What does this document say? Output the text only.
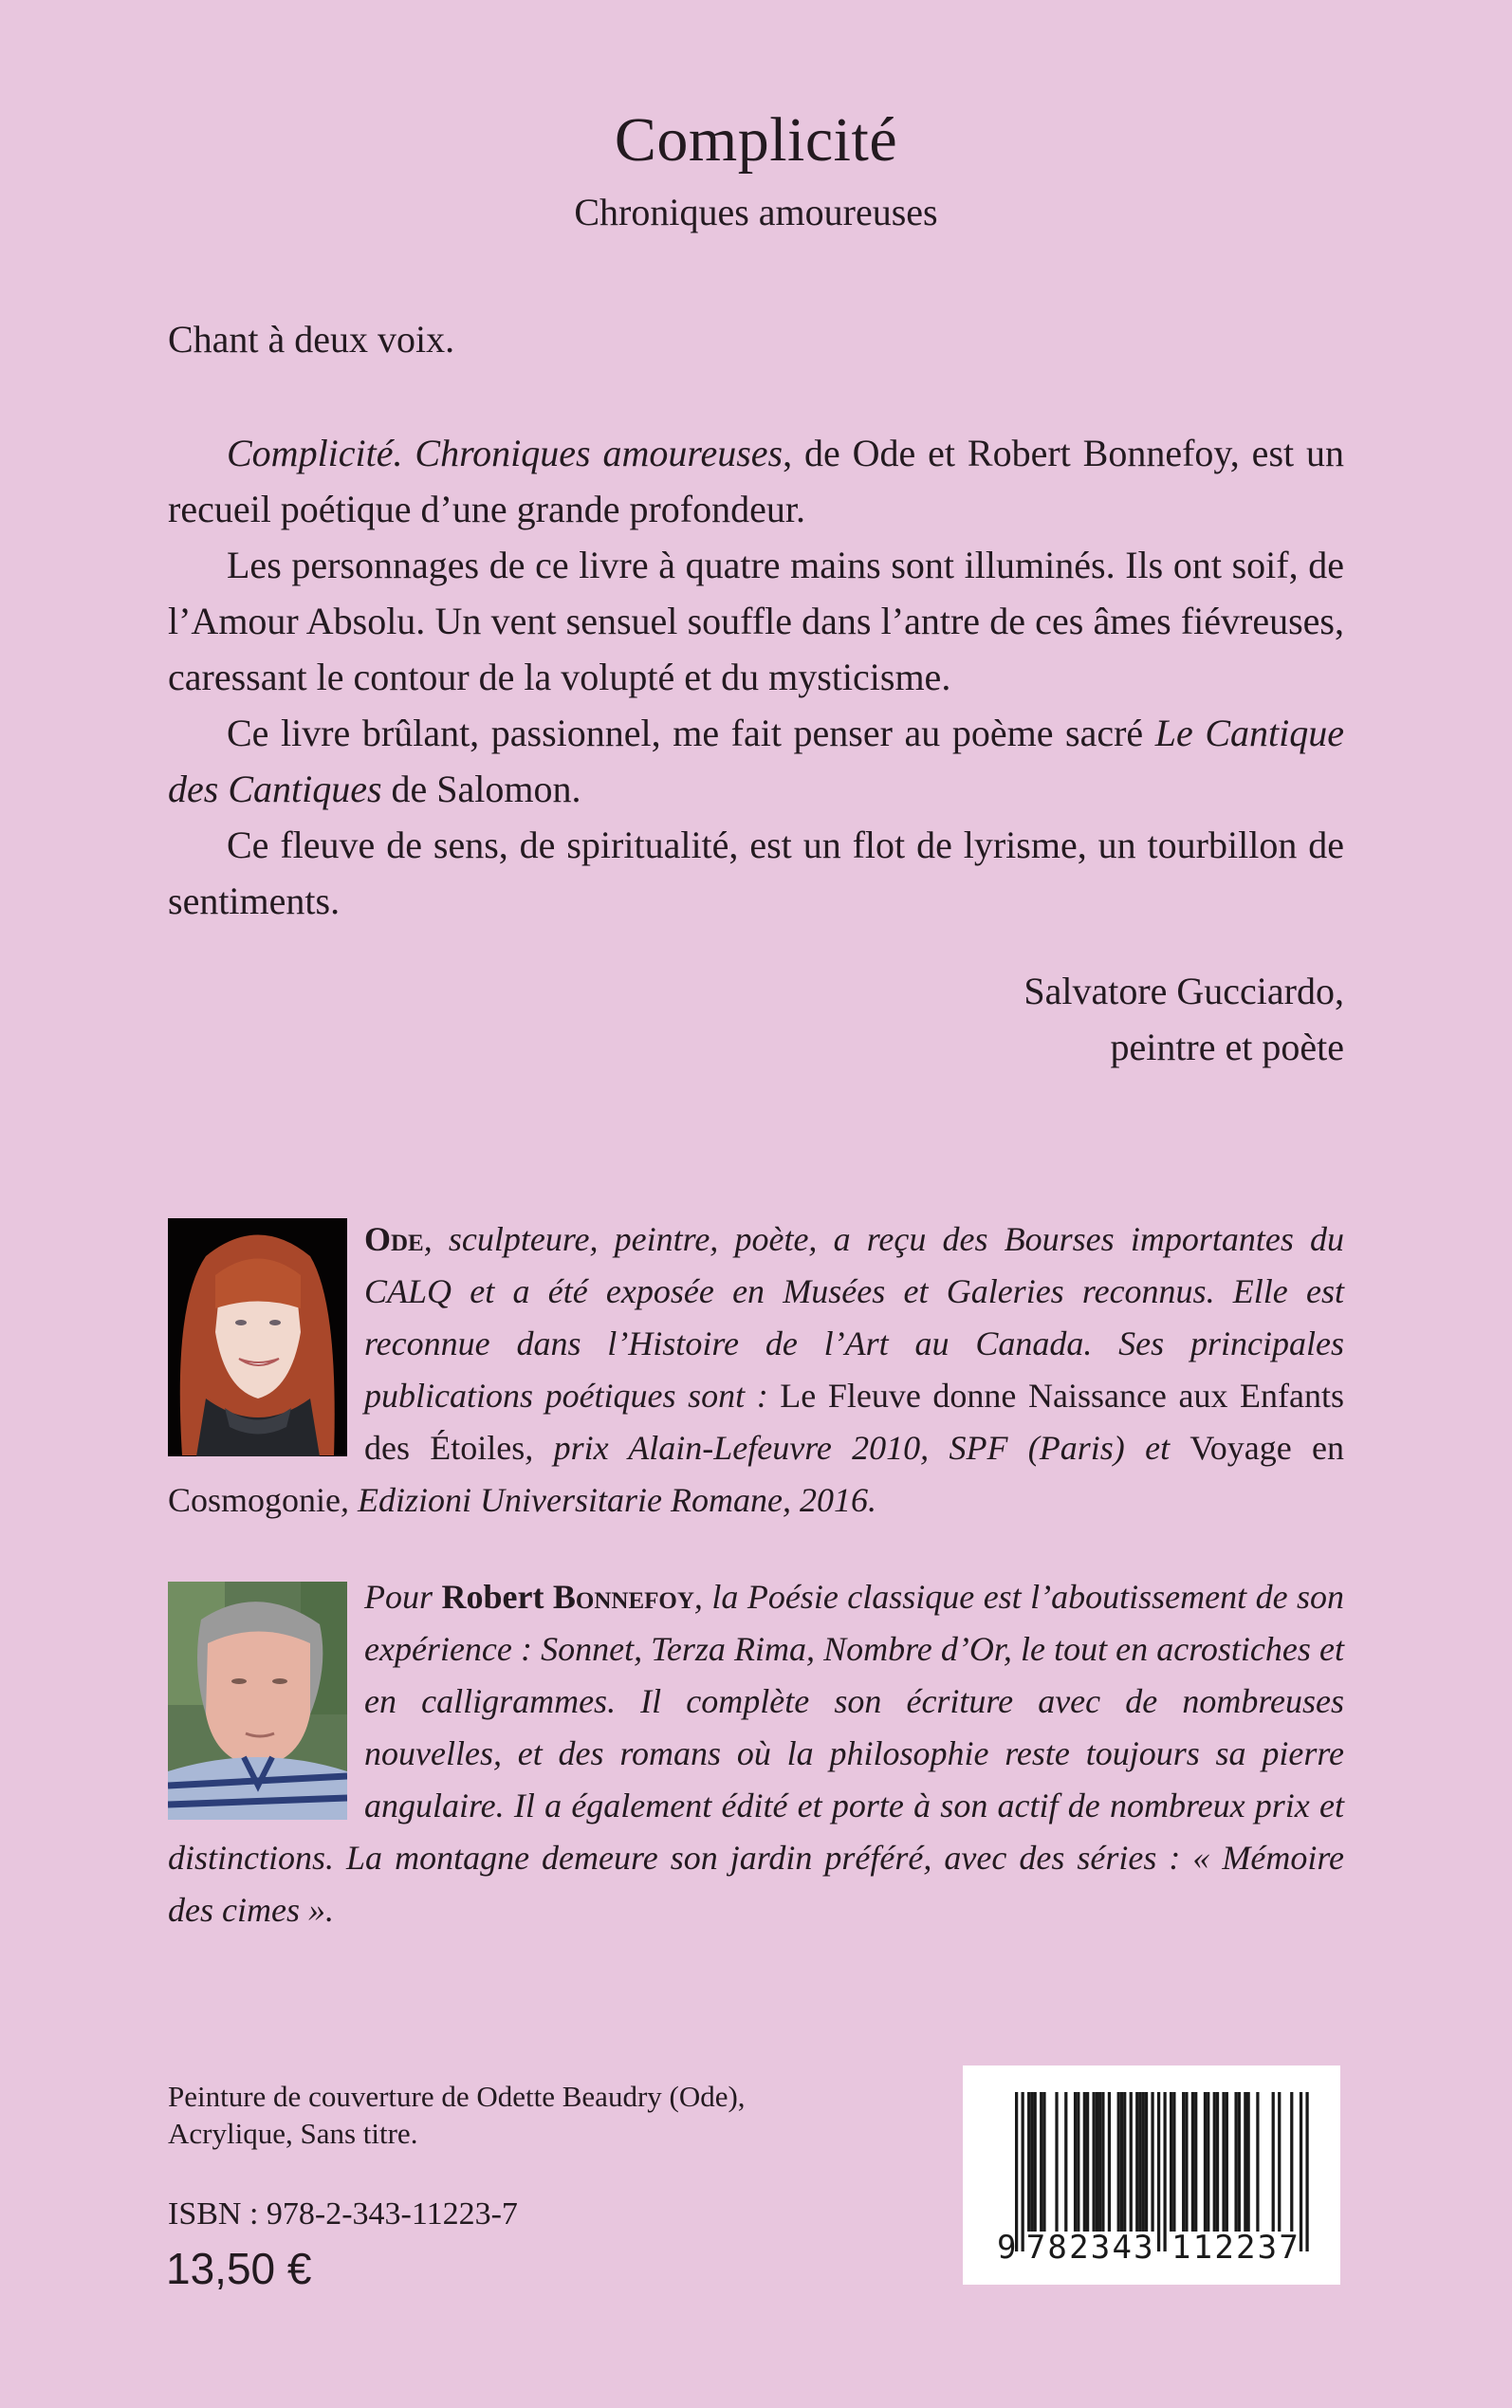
Complicité
Chroniques amoureuses
Chant à deux voix.

Complicité. Chroniques amoureuses, de Ode et Robert Bonnefoy, est un recueil poétique d’une grande profondeur.

Les personnages de ce livre à quatre mains sont illuminés. Ils ont soif, de l’Amour Absolu. Un vent sensuel souffle dans l’antre de ces âmes fiévreuses, caressant le contour de la volupté et du mysticisme.

Ce livre brûlant, passionnel, me fait penser au poème sacré Le Cantique des Cantiques de Salomon.

Ce fleuve de sens, de spiritualité, est un flot de lyrisme, un tourbillon de sentiments.

Salvatore Gucciardo,
peintre et poète

Ode, sculpteure, peintre, poète, a reçu des Bourses importantes du CALQ et a été exposée en Musées et Galeries reconnus. Elle est reconnue dans l’Histoire de l’Art au Canada. Ses principales publications poétiques sont : Le Fleuve donne Naissance aux Enfants des Étoiles, prix Alain-Lefeuvre 2010, SPF (Paris) et Voyage en Cosmogonie, Edizioni Universitarie Romane, 2016.

Pour Robert Bonnefoy, la Poésie classique est l’aboutissement de son expérience : Sonnet, Terza Rima, Nombre d’Or, le tout en acrostiches et en calligrammes. Il complète son écriture avec de nombreuses nouvelles, et des romans où la philosophie reste toujours sa pierre angulaire. Il a également édité et porte à son actif de nombreux prix et distinctions. La montagne demeure son jardin préféré, avec des séries : « Mémoire des cimes ».

Peinture de couverture de Odette Beaudry (Ode),
Acrylique, Sans titre.
ISBN : 978-2-343-11223-7
13,50 €	9 782343 112237
